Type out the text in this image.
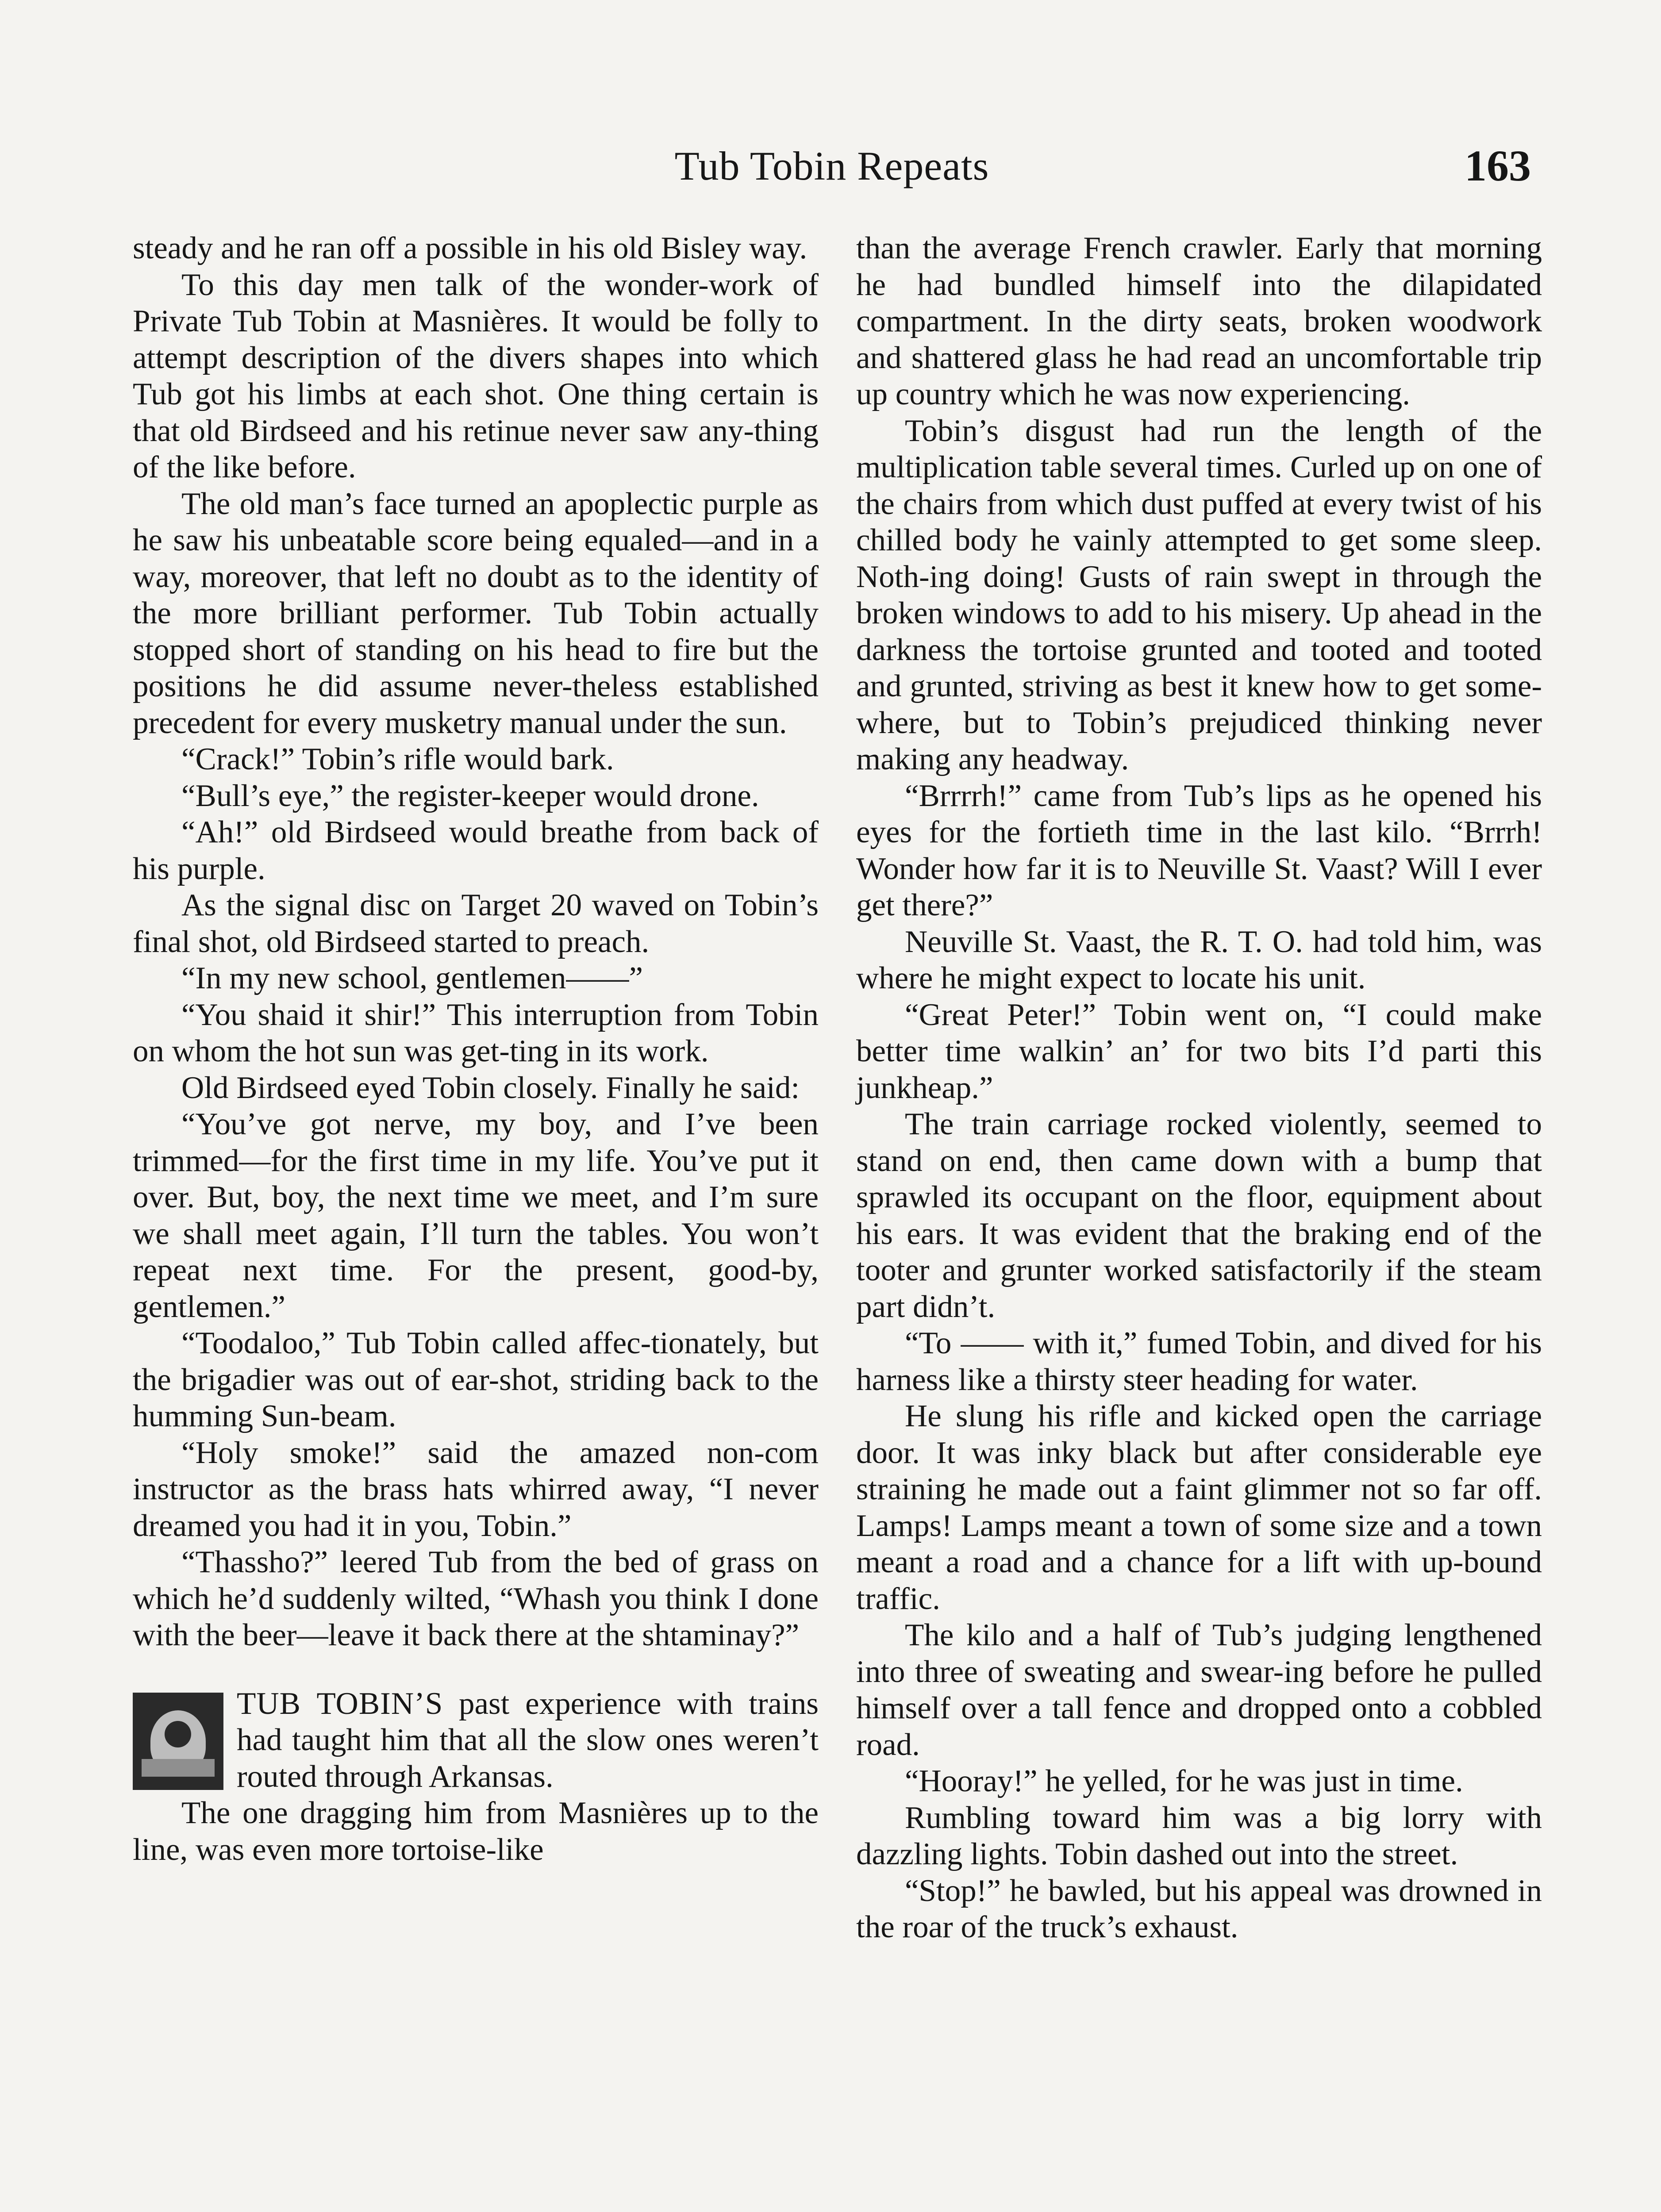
Tub Tobin Repeats	163

steady and he ran off a possible in his old Bisley way.

To this day men talk of the wonder-work of Private Tub Tobin at Masnières. It would be folly to attempt description of the divers shapes into which Tub got his limbs at each shot. One thing certain is that old Birdseed and his retinue never saw any-thing of the like before.

The old man’s face turned an apoplectic purple as he saw his unbeatable score being equaled—and in a way, moreover, that left no doubt as to the identity of the more brilliant performer. Tub Tobin actually stopped short of standing on his head to fire but the positions he did assume never-theless established precedent for every musketry manual under the sun.

“Crack!” Tobin’s rifle would bark.

“Bull’s eye,” the register-keeper would drone.

“Ah!” old Birdseed would breathe from back of his purple.

As the signal disc on Target 20 waved on Tobin’s final shot, old Birdseed started to preach.

“In my new school, gentlemen——”

“You shaid it shir!” This interruption from Tobin on whom the hot sun was get-ting in its work.

Old Birdseed eyed Tobin closely. Finally he said:

“You’ve got nerve, my boy, and I’ve been trimmed—for the first time in my life. You’ve put it over. But, boy, the next time we meet, and I’m sure we shall meet again, I’ll turn the tables. You won’t repeat next time. For the present, good-by, gentlemen.”

“Toodaloo,” Tub Tobin called affec-tionately, but the brigadier was out of ear-shot, striding back to the humming Sun-beam.

“Holy smoke!” said the amazed non-com instructor as the brass hats whirred away, “I never dreamed you had it in you, Tobin.”

“Thassho?” leered Tub from the bed of grass on which he’d suddenly wilted, “Whash you think I done with the beer—leave it back there at the shtaminay?”

TUB TOBIN’S past experience with trains had taught him that all the slow ones weren’t routed through Arkansas.

The one dragging him from Masnières up to the line, was even more tortoise-like

than the average French crawler. Early that morning he had bundled himself into the dilapidated compartment. In the dirty seats, broken woodwork and shattered glass he had read an uncomfortable trip up country which he was now experiencing.

Tobin’s disgust had run the length of the multiplication table several times. Curled up on one of the chairs from which dust puffed at every twist of his chilled body he vainly attempted to get some sleep. Noth-ing doing! Gusts of rain swept in through the broken windows to add to his misery. Up ahead in the darkness the tortoise grunted and tooted and tooted and grunted, striving as best it knew how to get some-where, but to Tobin’s prejudiced thinking never making any headway.

“Brrrrh!” came from Tub’s lips as he opened his eyes for the fortieth time in the last kilo. “Brrrh! Wonder how far it is to Neuville St. Vaast? Will I ever get there?”

Neuville St. Vaast, the R. T. O. had told him, was where he might expect to locate his unit.

“Great Peter!” Tobin went on, “I could make better time walkin’ an’ for two bits I’d parti this junkheap.”

The train carriage rocked violently, seemed to stand on end, then came down with a bump that sprawled its occupant on the floor, equipment about his ears. It was evident that the braking end of the tooter and grunter worked satisfactorily if the steam part didn’t.

“To —— with it,” fumed Tobin, and dived for his harness like a thirsty steer heading for water.

He slung his rifle and kicked open the carriage door. It was inky black but after considerable eye straining he made out a faint glimmer not so far off. Lamps! Lamps meant a town of some size and a town meant a road and a chance for a lift with up-bound traffic.

The kilo and a half of Tub’s judging lengthened into three of sweating and swear-ing before he pulled himself over a tall fence and dropped onto a cobbled road.

“Hooray!” he yelled, for he was just in time.

Rumbling toward him was a big lorry with dazzling lights. Tobin dashed out into the street.

“Stop!” he bawled, but his appeal was drowned in the roar of the truck’s exhaust.
